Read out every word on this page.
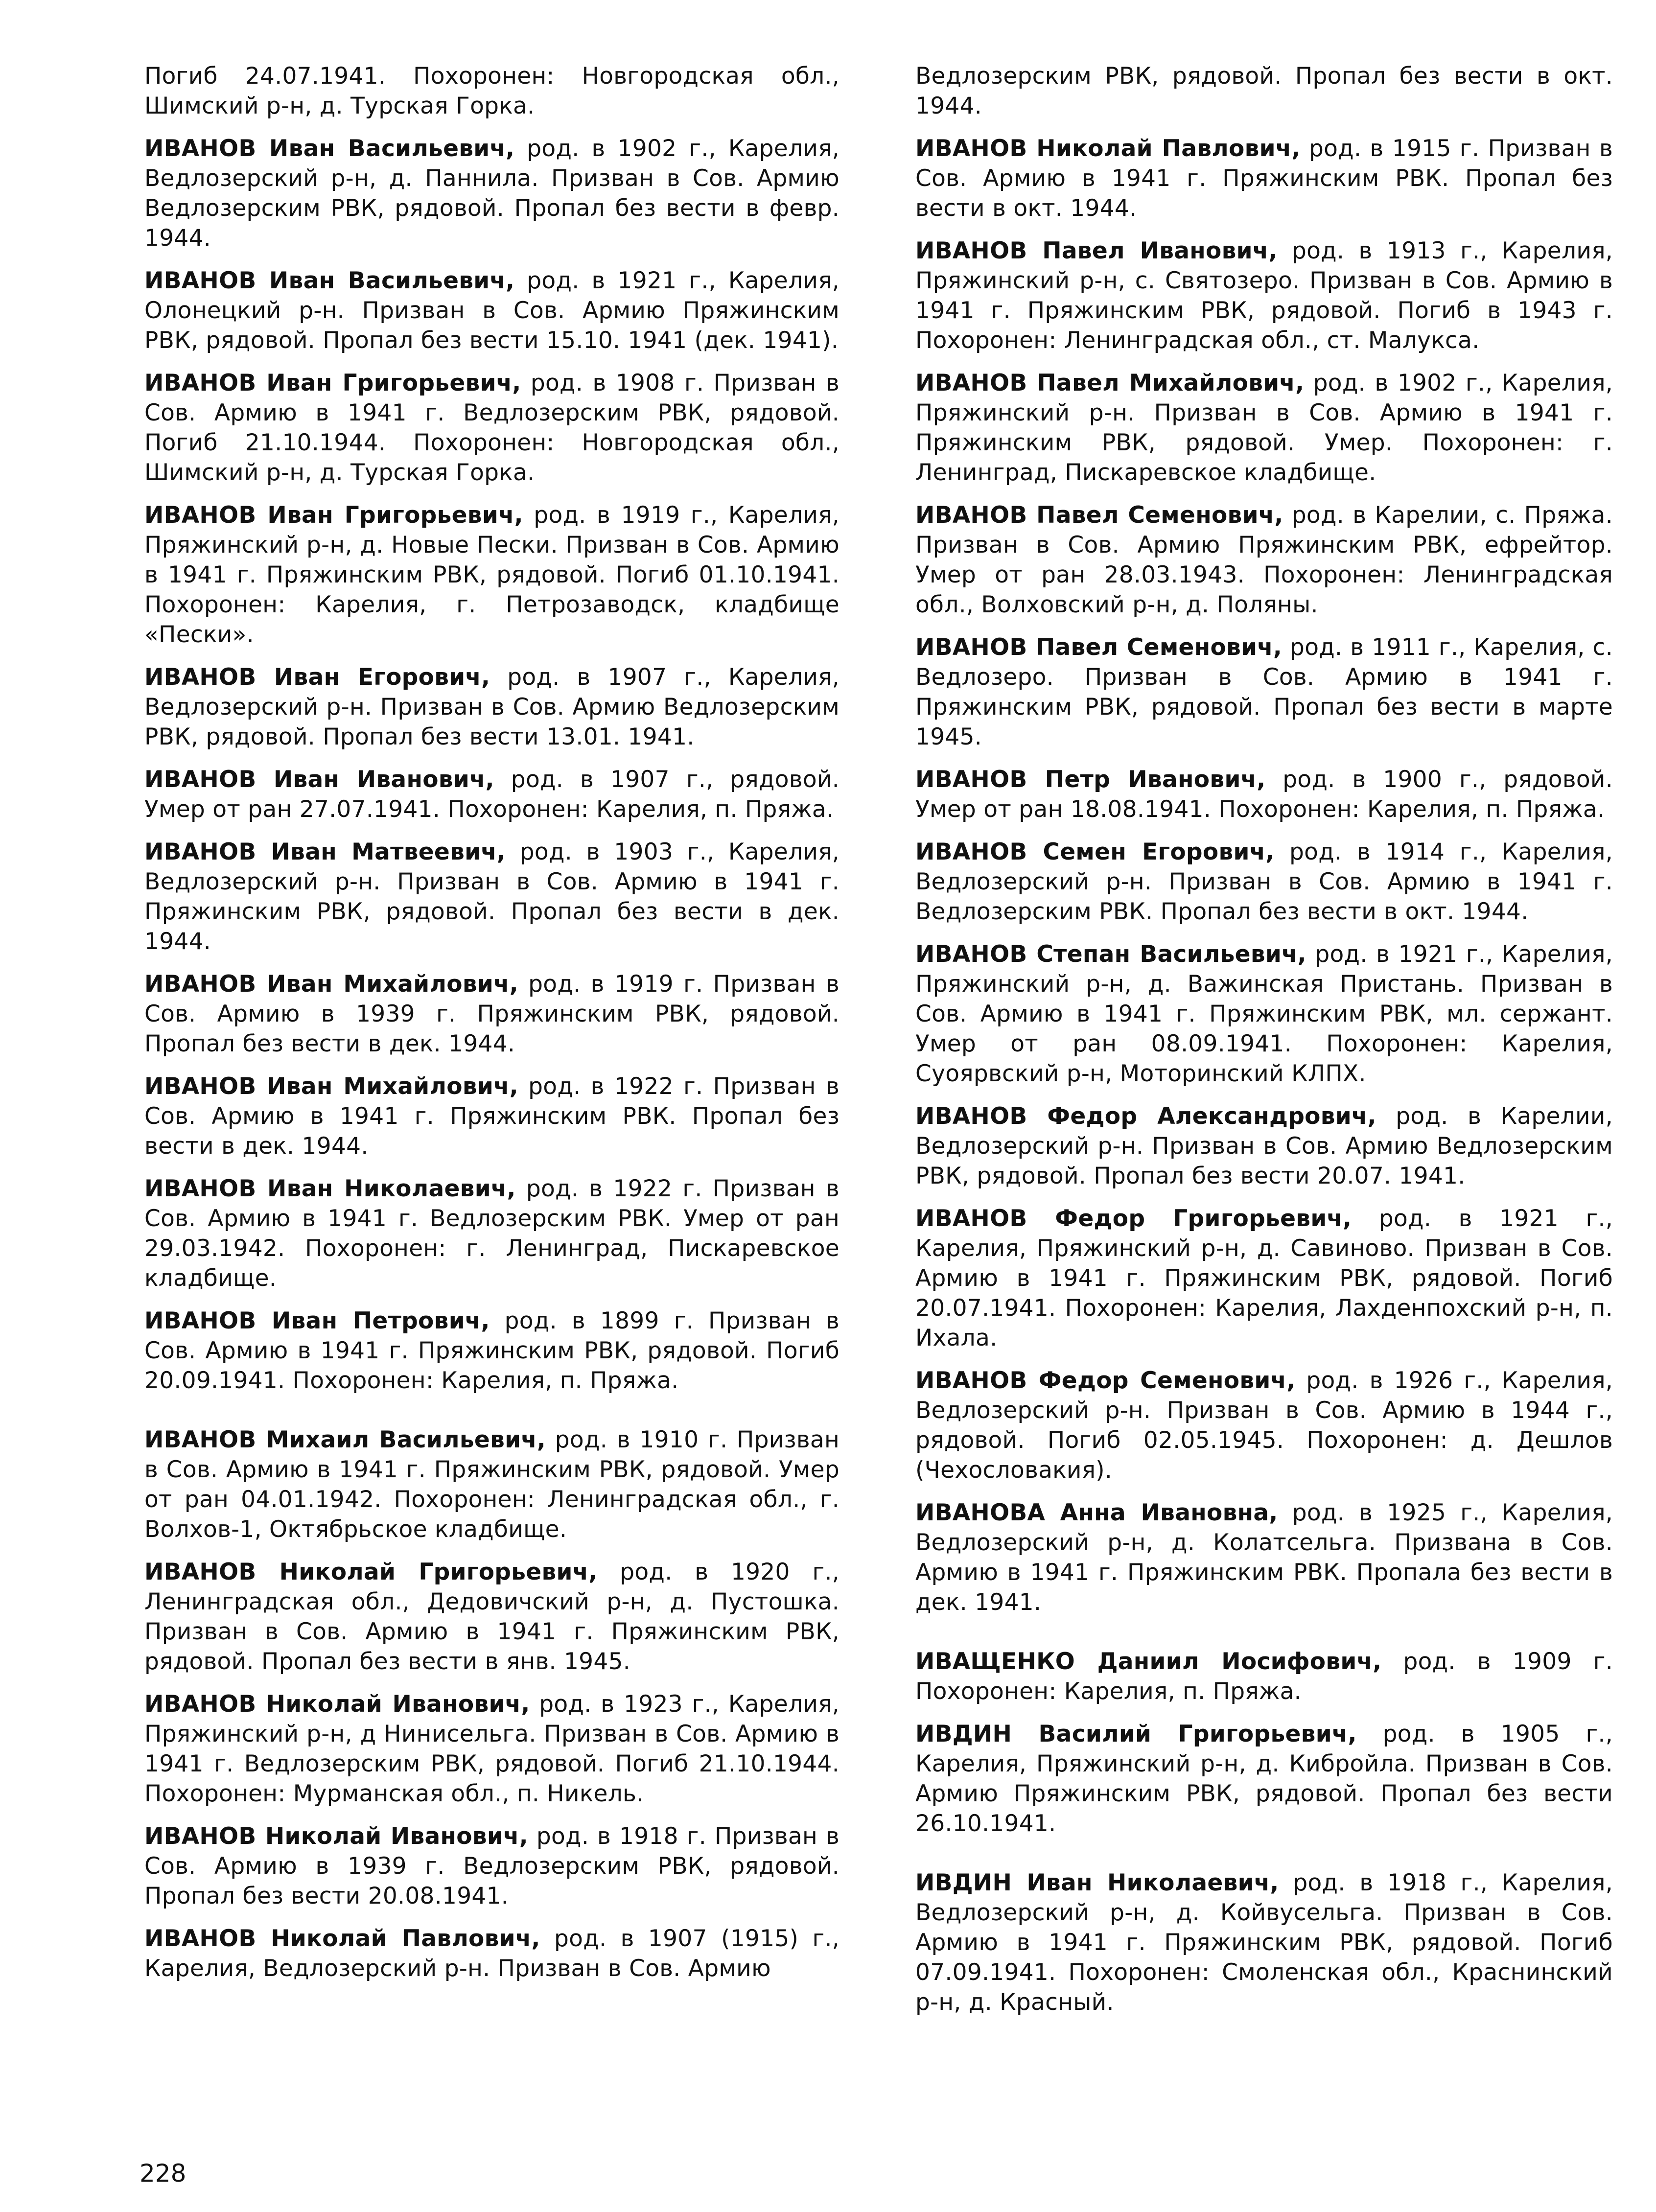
Погиб 24.07.1941. Похоронен: Новгородская обл., Шимский р-н, д. Турская Горка.

ИВАНОВ Иван Васильевич, род. в 1902 г., Карелия, Ведлозерский р-н, д. Паннила. Призван в Сов. Армию Ведлозерским РВК, рядовой. Пропал без вести в февр. 1944.

ИВАНОВ Иван Васильевич, род. в 1921 г., Карелия, Олонецкий р-н. Призван в Сов. Армию Пряжинским РВК, рядовой. Пропал без вести 15.10. 1941 (дек. 1941).

ИВАНОВ Иван Григорьевич, род. в 1908 г. Призван в Сов. Армию в 1941 г. Ведлозерским РВК, рядовой. Погиб 21.10.1944. Похоронен: Новгородская обл., Шимский р-н, д. Турская Горка.

ИВАНОВ Иван Григорьевич, род. в 1919 г., Карелия, Пряжинский р-н, д. Новые Пески. Призван в Сов. Армию в 1941 г. Пряжинским РВК, рядовой. Погиб 01.10.1941. Похоронен: Карелия, г. Петрозаводск, кладбище «Пески».

ИВАНОВ Иван Егорович, род. в 1907 г., Карелия, Ведлозерский р-н. Призван в Сов. Армию Ведлозерским РВК, рядовой. Пропал без вести 13.01. 1941.

ИВАНОВ Иван Иванович, род. в 1907 г., рядовой. Умер от ран 27.07.1941. Похоронен: Карелия, п. Пряжа.

ИВАНОВ Иван Матвеевич, род. в 1903 г., Карелия, Ведлозерский р-н. Призван в Сов. Армию в 1941 г. Пряжинским РВК, рядовой. Пропал без вести в дек. 1944.

ИВАНОВ Иван Михайлович, род. в 1919 г. Призван в Сов. Армию в 1939 г. Пряжинским РВК, рядовой. Пропал без вести в дек. 1944.

ИВАНОВ Иван Михайлович, род. в 1922 г. Призван в Сов. Армию в 1941 г. Пряжинским РВК. Пропал без вести в дек. 1944.

ИВАНОВ Иван Николаевич, род. в 1922 г. Призван в Сов. Армию в 1941 г. Ведлозерским РВК. Умер от ран 29.03.1942. Похоронен: г. Ленинград, Пискаревское кладбище.

ИВАНОВ Иван Петрович, род. в 1899 г. Призван в Сов. Армию в 1941 г. Пряжинским РВК, рядовой. Погиб 20.09.1941. Похоронен: Карелия, п. Пряжа.

ИВАНОВ Михаил Васильевич, род. в 1910 г. Призван в Сов. Армию в 1941 г. Пряжинским РВК, рядовой. Умер от ран 04.01.1942. Похоронен: Ленинградская обл., г. Волхов-1, Октябрьское кладбище.

ИВАНОВ Николай Григорьевич, род. в 1920 г., Ленинградская обл., Дедовичский р-н, д. Пустошка. Призван в Сов. Армию в 1941 г. Пряжинским РВК, рядовой. Пропал без вести в янв. 1945.

ИВАНОВ Николай Иванович, род. в 1923 г., Карелия, Пряжинский р-н, д Нинисельга. Призван в Сов. Армию в 1941 г. Ведлозерским РВК, рядовой. Погиб 21.10.1944. Похоронен: Мурманская обл., п. Никель.

ИВАНОВ Николай Иванович, род. в 1918 г. Призван в Сов. Армию в 1939 г. Ведлозерским РВК, рядовой. Пропал без вести 20.08.1941.

ИВАНОВ Николай Павлович, род. в 1907 (1915) г., Карелия, Ведлозерский р-н. Призван в Сов. Армию

Ведлозерским РВК, рядовой. Пропал без вести в окт. 1944.

ИВАНОВ Николай Павлович, род. в 1915 г. Призван в Сов. Армию в 1941 г. Пряжинским РВК. Пропал без вести в окт. 1944.

ИВАНОВ Павел Иванович, род. в 1913 г., Карелия, Пряжинский р-н, с. Святозеро. Призван в Сов. Армию в 1941 г. Пряжинским РВК, рядовой. Погиб в 1943 г. Похоронен: Ленинградская обл., ст. Малукса.

ИВАНОВ Павел Михайлович, род. в 1902 г., Карелия, Пряжинский р-н. Призван в Сов. Армию в 1941 г. Пряжинским РВК, рядовой. Умер. Похоронен: г. Ленинград, Пискаревское кладбище.

ИВАНОВ Павел Семенович, род. в Карелии, с. Пряжа. Призван в Сов. Армию Пряжинским РВК, ефрейтор. Умер от ран 28.03.1943. Похоронен: Ленинградская обл., Волховский р-н, д. Поляны.

ИВАНОВ Павел Семенович, род. в 1911 г., Карелия, с. Ведлозеро. Призван в Сов. Армию в 1941 г. Пряжинским РВК, рядовой. Пропал без вести в марте 1945.

ИВАНОВ Петр Иванович, род. в 1900 г., рядовой. Умер от ран 18.08.1941. Похоронен: Карелия, п. Пряжа.

ИВАНОВ Семен Егорович, род. в 1914 г., Карелия, Ведлозерский р-н. Призван в Сов. Армию в 1941 г. Ведлозерским РВК. Пропал без вести в окт. 1944.

ИВАНОВ Степан Васильевич, род. в 1921 г., Карелия, Пряжинский р-н, д. Важинская Пристань. Призван в Сов. Армию в 1941 г. Пряжинским РВК, мл. сержант. Умер от ран 08.09.1941. Похоронен: Карелия, Суоярвский р-н, Моторинский КЛПХ.

ИВАНОВ Федор Александрович, род. в Карелии, Ведлозерский р-н. Призван в Сов. Армию Ведлозерским РВК, рядовой. Пропал без вести 20.07. 1941.

ИВАНОВ Федор Григорьевич, род. в 1921 г., Карелия, Пряжинский р-н, д. Савиново. Призван в Сов. Армию в 1941 г. Пряжинским РВК, рядовой. Погиб 20.07.1941. Похоронен: Карелия, Лахденпохский р-н, п. Ихала.

ИВАНОВ Федор Семенович, род. в 1926 г., Карелия, Ведлозерский р-н. Призван в Сов. Армию в 1944 г., рядовой. Погиб 02.05.1945. Похоронен: д. Дешлов (Чехословакия).

ИВАНОВА Анна Ивановна, род. в 1925 г., Карелия, Ведлозерский р-н, д. Колатсельга. Призвана в Сов. Армию в 1941 г. Пряжинским РВК. Пропала без вести в дек. 1941.

ИВАЩЕНКО Даниил Иосифович, род. в 1909 г. Похоронен: Карелия, п. Пряжа.

ИВДИН Василий Григорьевич, род. в 1905 г., Карелия, Пряжинский р-н, д. Кибройла. Призван в Сов. Армию Пряжинским РВК, рядовой. Пропал без вести 26.10.1941.

ИВДИН Иван Николаевич, род. в 1918 г., Карелия, Ведлозерский р-н, д. Койвусельга. Призван в Сов. Армию в 1941 г. Пряжинским РВК, рядовой. Погиб 07.09.1941. Похоронен: Смоленская обл., Краснинский р-н, д. Красный.

228
